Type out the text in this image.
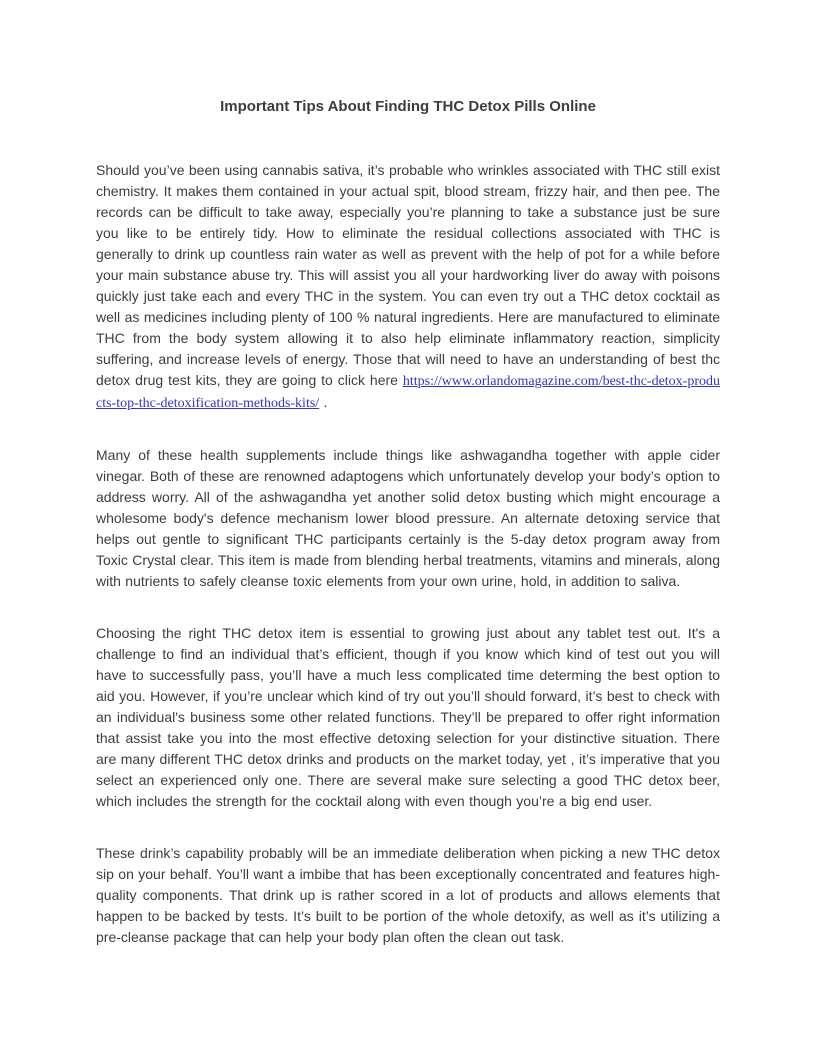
Important Tips About Finding THC Detox Pills Online

Should you’ve been using cannabis sativa, it’s probable who wrinkles associated with THC still exist chemistry. It makes them contained in your actual spit, blood stream, frizzy hair, and then pee. The records can be difficult to take away, especially you’re planning to take a substance just be sure you like to be entirely tidy. How to eliminate the residual collections associated with THC is generally to drink up countless rain water as well as prevent with the help of pot for a while before your main substance abuse try. This will assist you all your hardworking liver do away with poisons quickly just take each and every THC in the system. You can even try out a THC detox cocktail as well as medicines including plenty of 100 % natural ingredients. Here are manufactured to eliminate THC from the body system allowing it to also help eliminate inflammatory reaction, simplicity suffering, and increase levels of energy. Those that will need to have an understanding of best thc detox drug test kits, they are going to click here https://www.orlandomagazine.com/best-thc-detox-products-top-thc-detoxification-methods-kits/ .

Many of these health supplements include things like ashwagandha together with apple cider vinegar. Both of these are renowned adaptogens which unfortunately develop your body’s option to address worry. All of the ashwagandha yet another solid detox busting which might encourage a wholesome body's defence mechanism lower blood pressure. An alternate detoxing service that helps out gentle to significant THC participants certainly is the 5-day detox program away from Toxic Crystal clear. This item is made from blending herbal treatments, vitamins and minerals, along with nutrients to safely cleanse toxic elements from your own urine, hold, in addition to saliva.

Choosing the right THC detox item is essential to growing just about any tablet test out. It's a challenge to find an individual that’s efficient, though if you know which kind of test out you will have to successfully pass, you’ll have a much less complicated time determing the best option to aid you. However, if you’re unclear which kind of try out you’ll should forward, it’s best to check with an individual's business some other related functions. They’ll be prepared to offer right information that assist take you into the most effective detoxing selection for your distinctive situation. There are many different THC detox drinks and products on the market today, yet , it’s imperative that you select an experienced only one. There are several make sure selecting a good THC detox beer, which includes the strength for the cocktail along with even though you’re a big end user.

These drink’s capability probably will be an immediate deliberation when picking a new THC detox sip on your behalf. You’ll want a imbibe that has been exceptionally concentrated and features high-quality components. That drink up is rather scored in a lot of products and allows elements that happen to be backed by tests. It’s built to be portion of the whole detoxify, as well as it’s utilizing a pre-cleanse package that can help your body plan often the clean out task.
